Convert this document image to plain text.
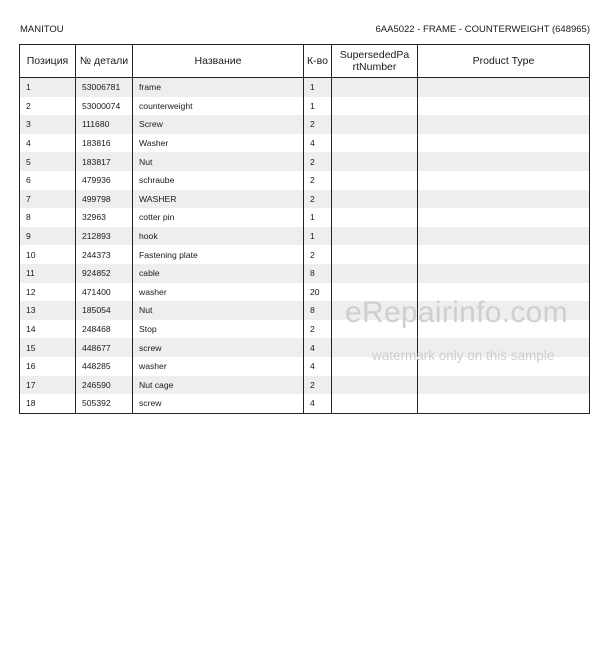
MANITOU	6AA5022 - FRAME - COUNTERWEIGHT (648965)
Позиция	№ детали	Название	К-во	SupersededPa rtNumber	Product Type
1	53006781	frame	1		
2	53000074	counterweight	1		
3	111680	Screw	2		
4	183816	Washer	4		
5	183817	Nut	2		
6	479936	schraube	2		
7	499798	WASHER	2		
8	32963	cotter pin	1		
9	212893	hook	1		
10	244373	Fastening plate	2		
11	924852	cable	8		
12	471400	washer	20		
13	185054	Nut	8		
14	248468	Stop	2		
15	448677	screw	4		
16	448285	washer	4		
17	246590	Nut cage	2		
18	505392	screw	4		
eRepairinfo.com
watermark only on this sample
